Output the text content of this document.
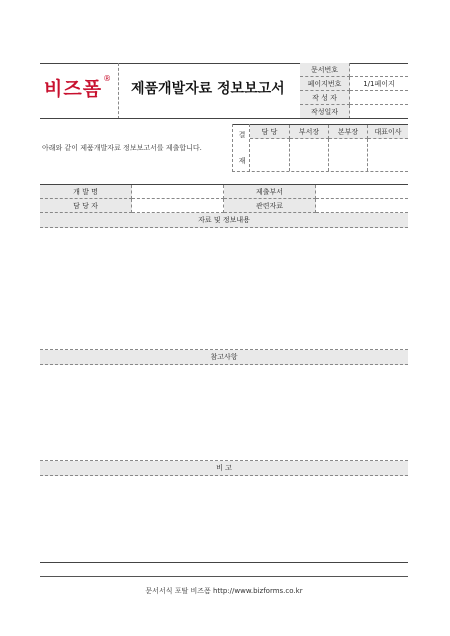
비즈폼 ®
제품개발자료 정보보고서
문서번호
페이지번호	1/1페이지
작 성 자
작성일자
아래와 같이 제품개발자료 정보보고서를 제출합니다.
결
재
담 당	부서장	본부장	대표이사
개 발 명	제출부서
담 당 자	관련자료
자료 및 정보내용
참고사항
비 고
문서서식 포탈 비즈폼 http://www.bizforms.co.kr
